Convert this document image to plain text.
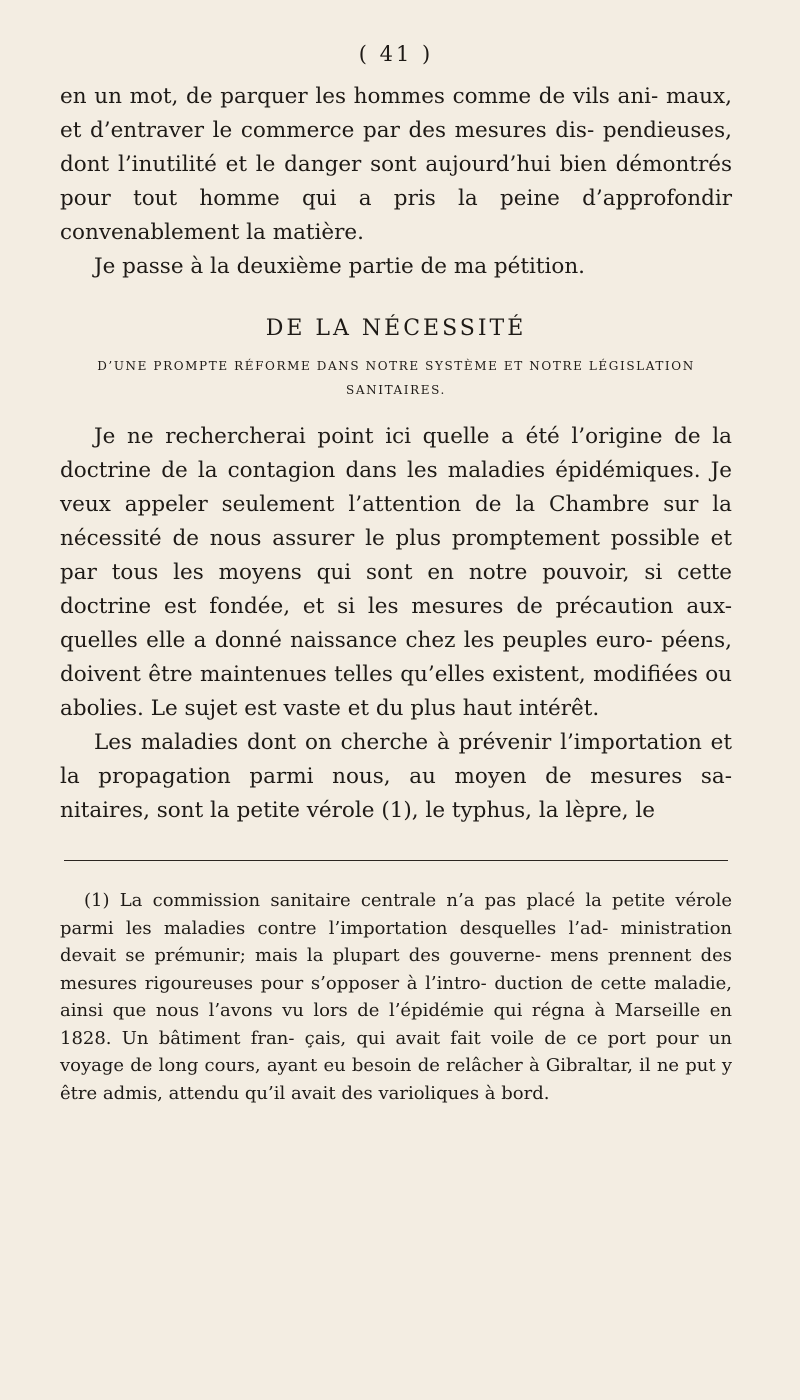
( 41 )

en un mot, de parquer les hommes comme de vils ani- maux, et d’entraver le commerce par des mesures dis- pendieuses, dont l’inutilité et le danger sont aujourd’hui bien démontrés pour tout homme qui a pris la peine d’approfondir convenablement la matière.

Je passe à la deuxième partie de ma pétition.

DE LA NÉCESSITÉ
D’UNE PROMPTE RÉFORME DANS NOTRE SYSTÈME ET NOTRE LÉGISLATION SANITAIRES.

Je ne rechercherai point ici quelle a été l’origine de la doctrine de la contagion dans les maladies épidémiques. Je veux appeler seulement l’attention de la Chambre sur la nécessité de nous assurer le plus promptement possible et par tous les moyens qui sont en notre pouvoir, si cette doctrine est fondée, et si les mesures de précaution aux- quelles elle a donné naissance chez les peuples euro- péens, doivent être maintenues telles qu’elles existent, modifiées ou abolies. Le sujet est vaste et du plus haut intérêt.

Les maladies dont on cherche à prévenir l’importation et la propagation parmi nous, au moyen de mesures sa- nitaires, sont la petite vérole (1), le typhus, la lèpre, le

(1) La commission sanitaire centrale n’a pas placé la petite vérole parmi les maladies contre l’importation desquelles l’ad- ministration devait se prémunir; mais la plupart des gouverne- mens prennent des mesures rigoureuses pour s’opposer à l’intro- duction de cette maladie, ainsi que nous l’avons vu lors de l’épidémie qui régna à Marseille en 1828. Un bâtiment fran- çais, qui avait fait voile de ce port pour un voyage de long cours, ayant eu besoin de relâcher à Gibraltar, il ne put y être admis, attendu qu’il avait des varioliques à bord.
